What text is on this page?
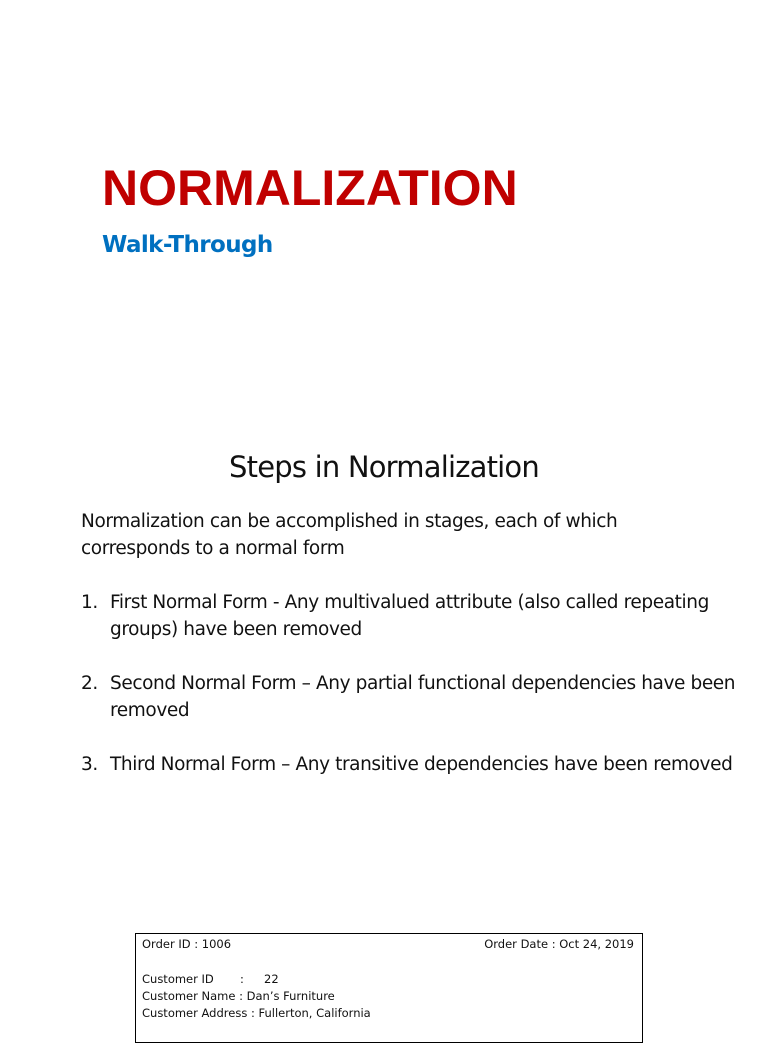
NORMALIZATION
Walk-Through
Steps in Normalization

Normalization can be accomplished in stages, each of which corresponds to a normal form

1. First Normal Form - Any multivalued attribute (also called repeating groups) have been removed
2. Second Normal Form – Any partial functional dependencies have been removed
3. Third Normal Form – Any transitive dependencies have been removed
Order ID : 1006	Order Date : Oct 24, 2019
Customer ID : 22
Customer Name : Dan’s Furniture
Customer Address : Fullerton, California
